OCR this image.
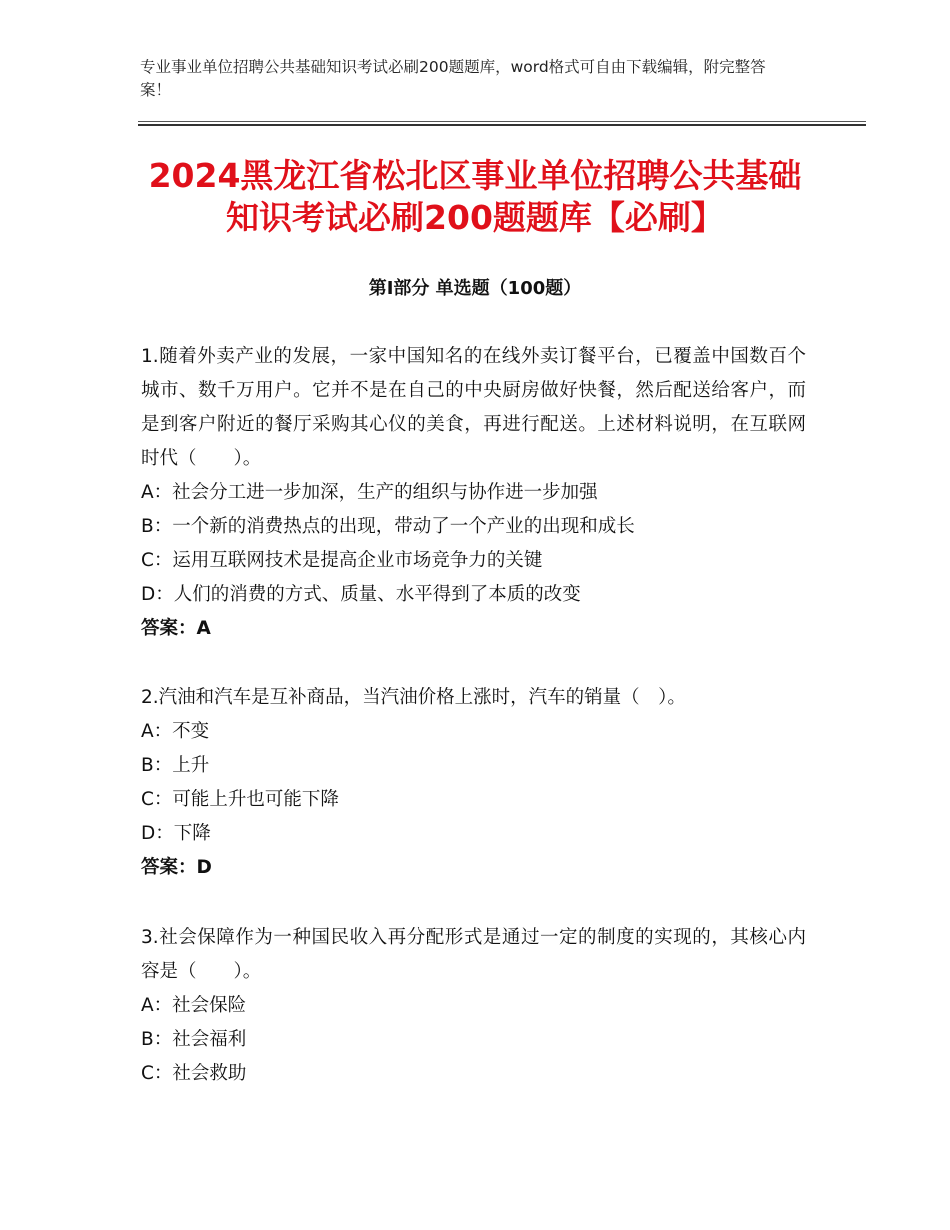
专业事业单位招聘公共基础知识考试必刷200题题库，word格式可自由下载编辑，附完整答案！
2024黑龙江省松北区事业单位招聘公共基础
知识考试必刷200题题库【必刷】
第Ⅰ部分 单选题（100题）

1.随着外卖产业的发展，一家中国知名的在线外卖订餐平台，已覆盖中国数百个城市、数千万用户。它并不是在自己的中央厨房做好快餐，然后配送给客户，而是到客户附近的餐厅采购其心仪的美食，再进行配送。上述材料说明，在互联网时代（　　）。

A：社会分工进一步加深，生产的组织与协作进一步加强

B：一个新的消费热点的出现，带动了一个产业的出现和成长

C：运用互联网技术是提高企业市场竞争力的关键

D：人们的消费的方式、质量、水平得到了本质的改变

答案：A

2.汽油和汽车是互补商品，当汽油价格上涨时，汽车的销量（　）。

A：不变

B：上升

C：可能上升也可能下降

D：下降

答案：D

3.社会保障作为一种国民收入再分配形式是通过一定的制度的实现的，其核心内容是（　　）。

A：社会保险

B：社会福利

C：社会救助
